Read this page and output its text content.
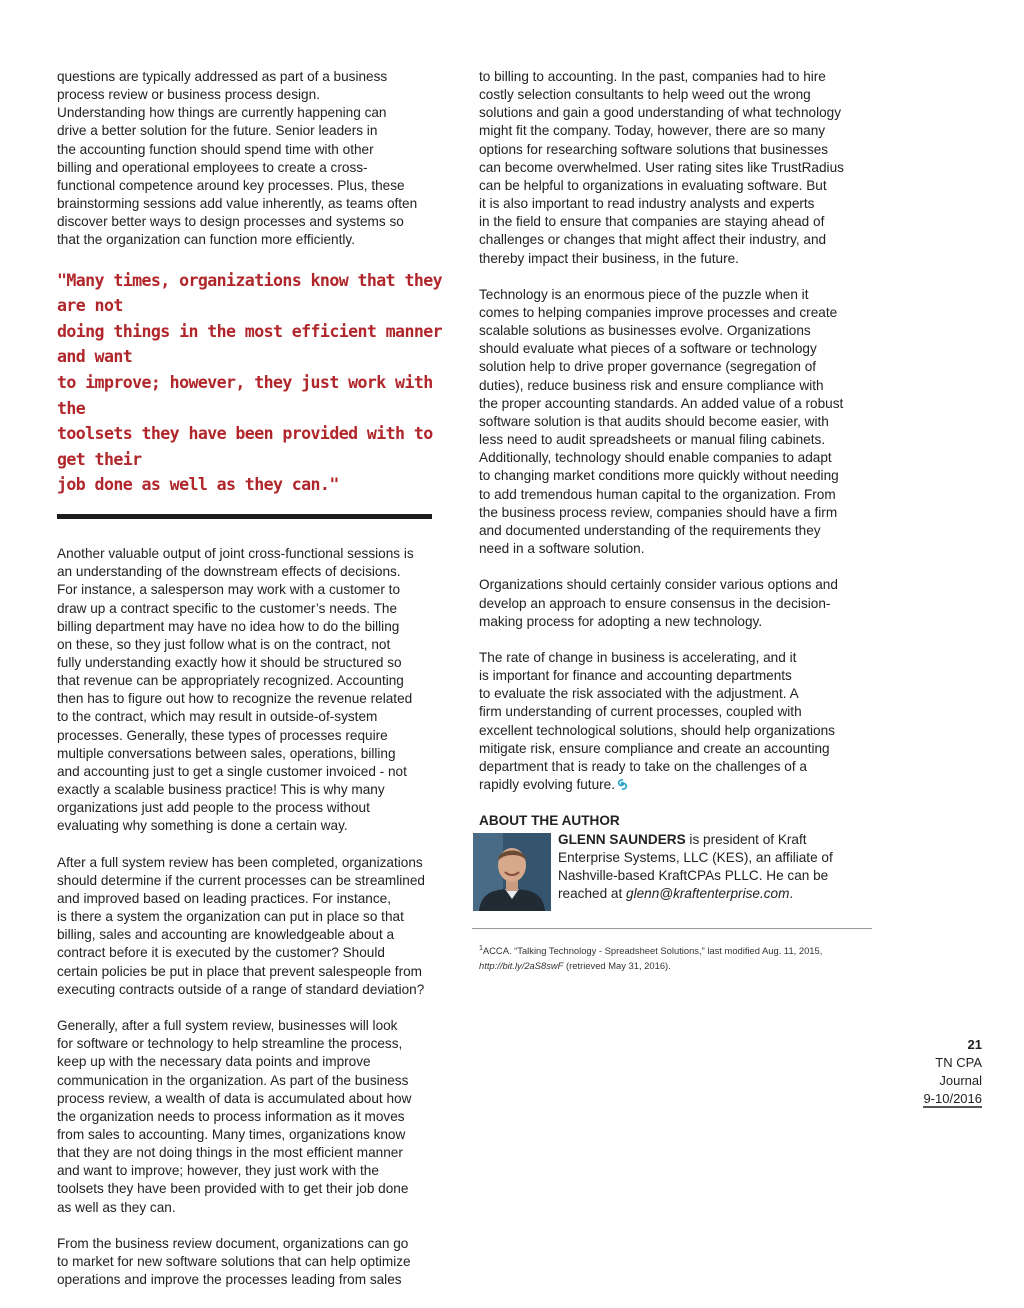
questions are typically addressed as part of a business
process review or business process design.
Understanding how things are currently happening can
drive a better solution for the future. Senior leaders in
the accounting function should spend time with other
billing and operational employees to create a cross-
functional competence around key processes. Plus, these
brainstorming sessions add value inherently, as teams often
discover better ways to design processes and systems so
that the organization can function more efficiently.

"Many times, organizations know that they are not
doing things in the most efficient manner and want
to improve; however, they just work with the
toolsets they have been provided with to get their
job done as well as they can."

Another valuable output of joint cross-functional sessions is
an understanding of the downstream effects of decisions.
For instance, a salesperson may work with a customer to
draw up a contract specific to the customer’s needs. The
billing department may have no idea how to do the billing
on these, so they just follow what is on the contract, not
fully understanding exactly how it should be structured so
that revenue can be appropriately recognized. Accounting
then has to figure out how to recognize the revenue related
to the contract, which may result in outside-of-system
processes. Generally, these types of processes require
multiple conversations between sales, operations, billing
and accounting just to get a single customer invoiced - not
exactly a scalable business practice! This is why many
organizations just add people to the process without
evaluating why something is done a certain way.

After a full system review has been completed, organizations
should determine if the current processes can be streamlined
and improved based on leading practices. For instance,
is there a system the organization can put in place so that
billing, sales and accounting are knowledgeable about a
contract before it is executed by the customer? Should
certain policies be put in place that prevent salespeople from
executing contracts outside of a range of standard deviation?

Generally, after a full system review, businesses will look
for software or technology to help streamline the process,
keep up with the necessary data points and improve
communication in the organization. As part of the business
process review, a wealth of data is accumulated about how
the organization needs to process information as it moves
from sales to accounting. Many times, organizations know
that they are not doing things in the most efficient manner
and want to improve; however, they just work with the
toolsets they have been provided with to get their job done
as well as they can.

From the business review document, organizations can go
to market for new software solutions that can help optimize
operations and improve the processes leading from sales

to billing to accounting. In the past, companies had to hire
costly selection consultants to help weed out the wrong
solutions and gain a good understanding of what technology
might fit the company. Today, however, there are so many
options for researching software solutions that businesses
can become overwhelmed. User rating sites like TrustRadius
can be helpful to organizations in evaluating software. But
it is also important to read industry analysts and experts
in the field to ensure that companies are staying ahead of
challenges or changes that might affect their industry, and
thereby impact their business, in the future.

Technology is an enormous piece of the puzzle when it
comes to helping companies improve processes and create
scalable solutions as businesses evolve. Organizations
should evaluate what pieces of a software or technology
solution help to drive proper governance (segregation of
duties), reduce business risk and ensure compliance with
the proper accounting standards. An added value of a robust
software solution is that audits should become easier, with
less need to audit spreadsheets or manual filing cabinets.
Additionally, technology should enable companies to adapt
to changing market conditions more quickly without needing
to add tremendous human capital to the organization. From
the business process review, companies should have a firm
and documented understanding of the requirements they
need in a software solution.

Organizations should certainly consider various options and
develop an approach to ensure consensus in the decision-
making process for adopting a new technology.

The rate of change in business is accelerating, and it
is important for finance and accounting departments
to evaluate the risk associated with the adjustment. A
firm understanding of current processes, coupled with
excellent technological solutions, should help organizations
mitigate risk, ensure compliance and create an accounting
department that is ready to take on the challenges of a
rapidly evolving future.

ABOUT THE AUTHOR
GLENN SAUNDERS is president of Kraft
Enterprise Systems, LLC (KES), an affiliate of
Nashville-based KraftCPAs PLLC. He can be
reached at glenn@kraftenterprise.com.
$^1$ACCA. “Talking Technology - Spreadsheet Solutions,” last modified Aug. 11, 2015,
http://bit.ly/2aS8swF (retrieved May 31, 2016).
21
TN CPA
Journal
9-10/2016
